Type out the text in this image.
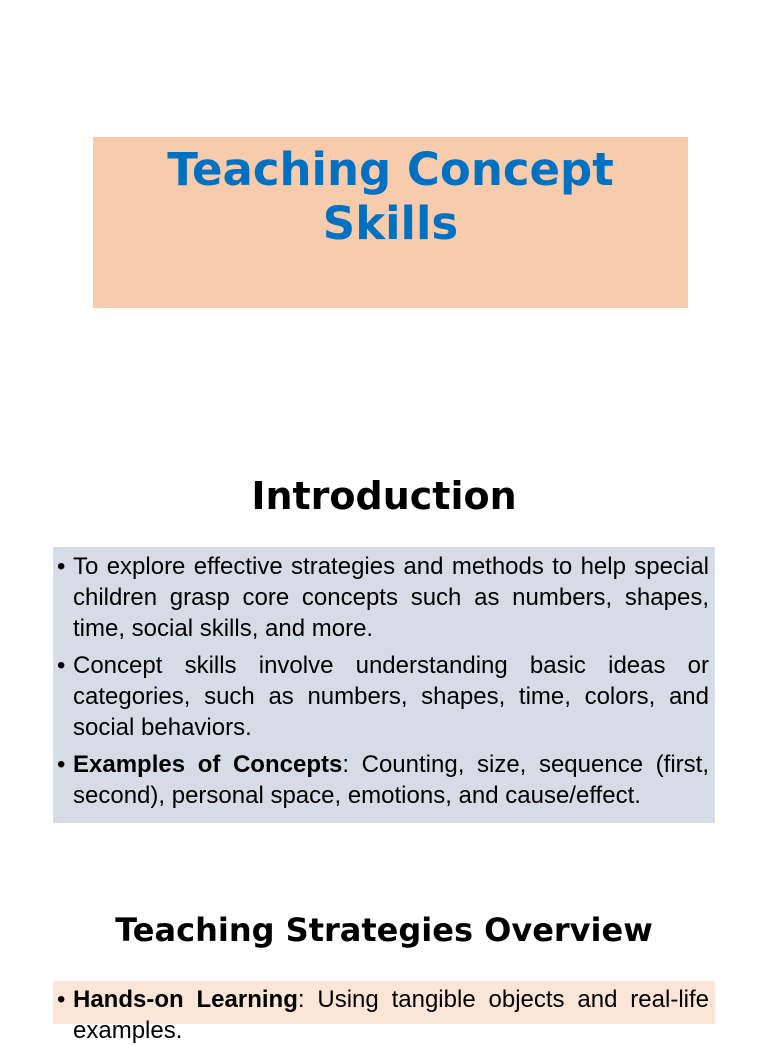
Teaching Concept
Skills
Introduction
• To explore effective strategies and methods to help special children grasp core concepts such as numbers, shapes, time, social skills, and more.
• Concept skills involve understanding basic ideas or categories, such as numbers, shapes, time, colors, and social behaviors.
• Examples of Concepts: Counting, size, sequence (first, second), personal space, emotions, and cause/effect.
Teaching Strategies Overview
• Hands-on Learning: Using tangible objects and real-life examples.
